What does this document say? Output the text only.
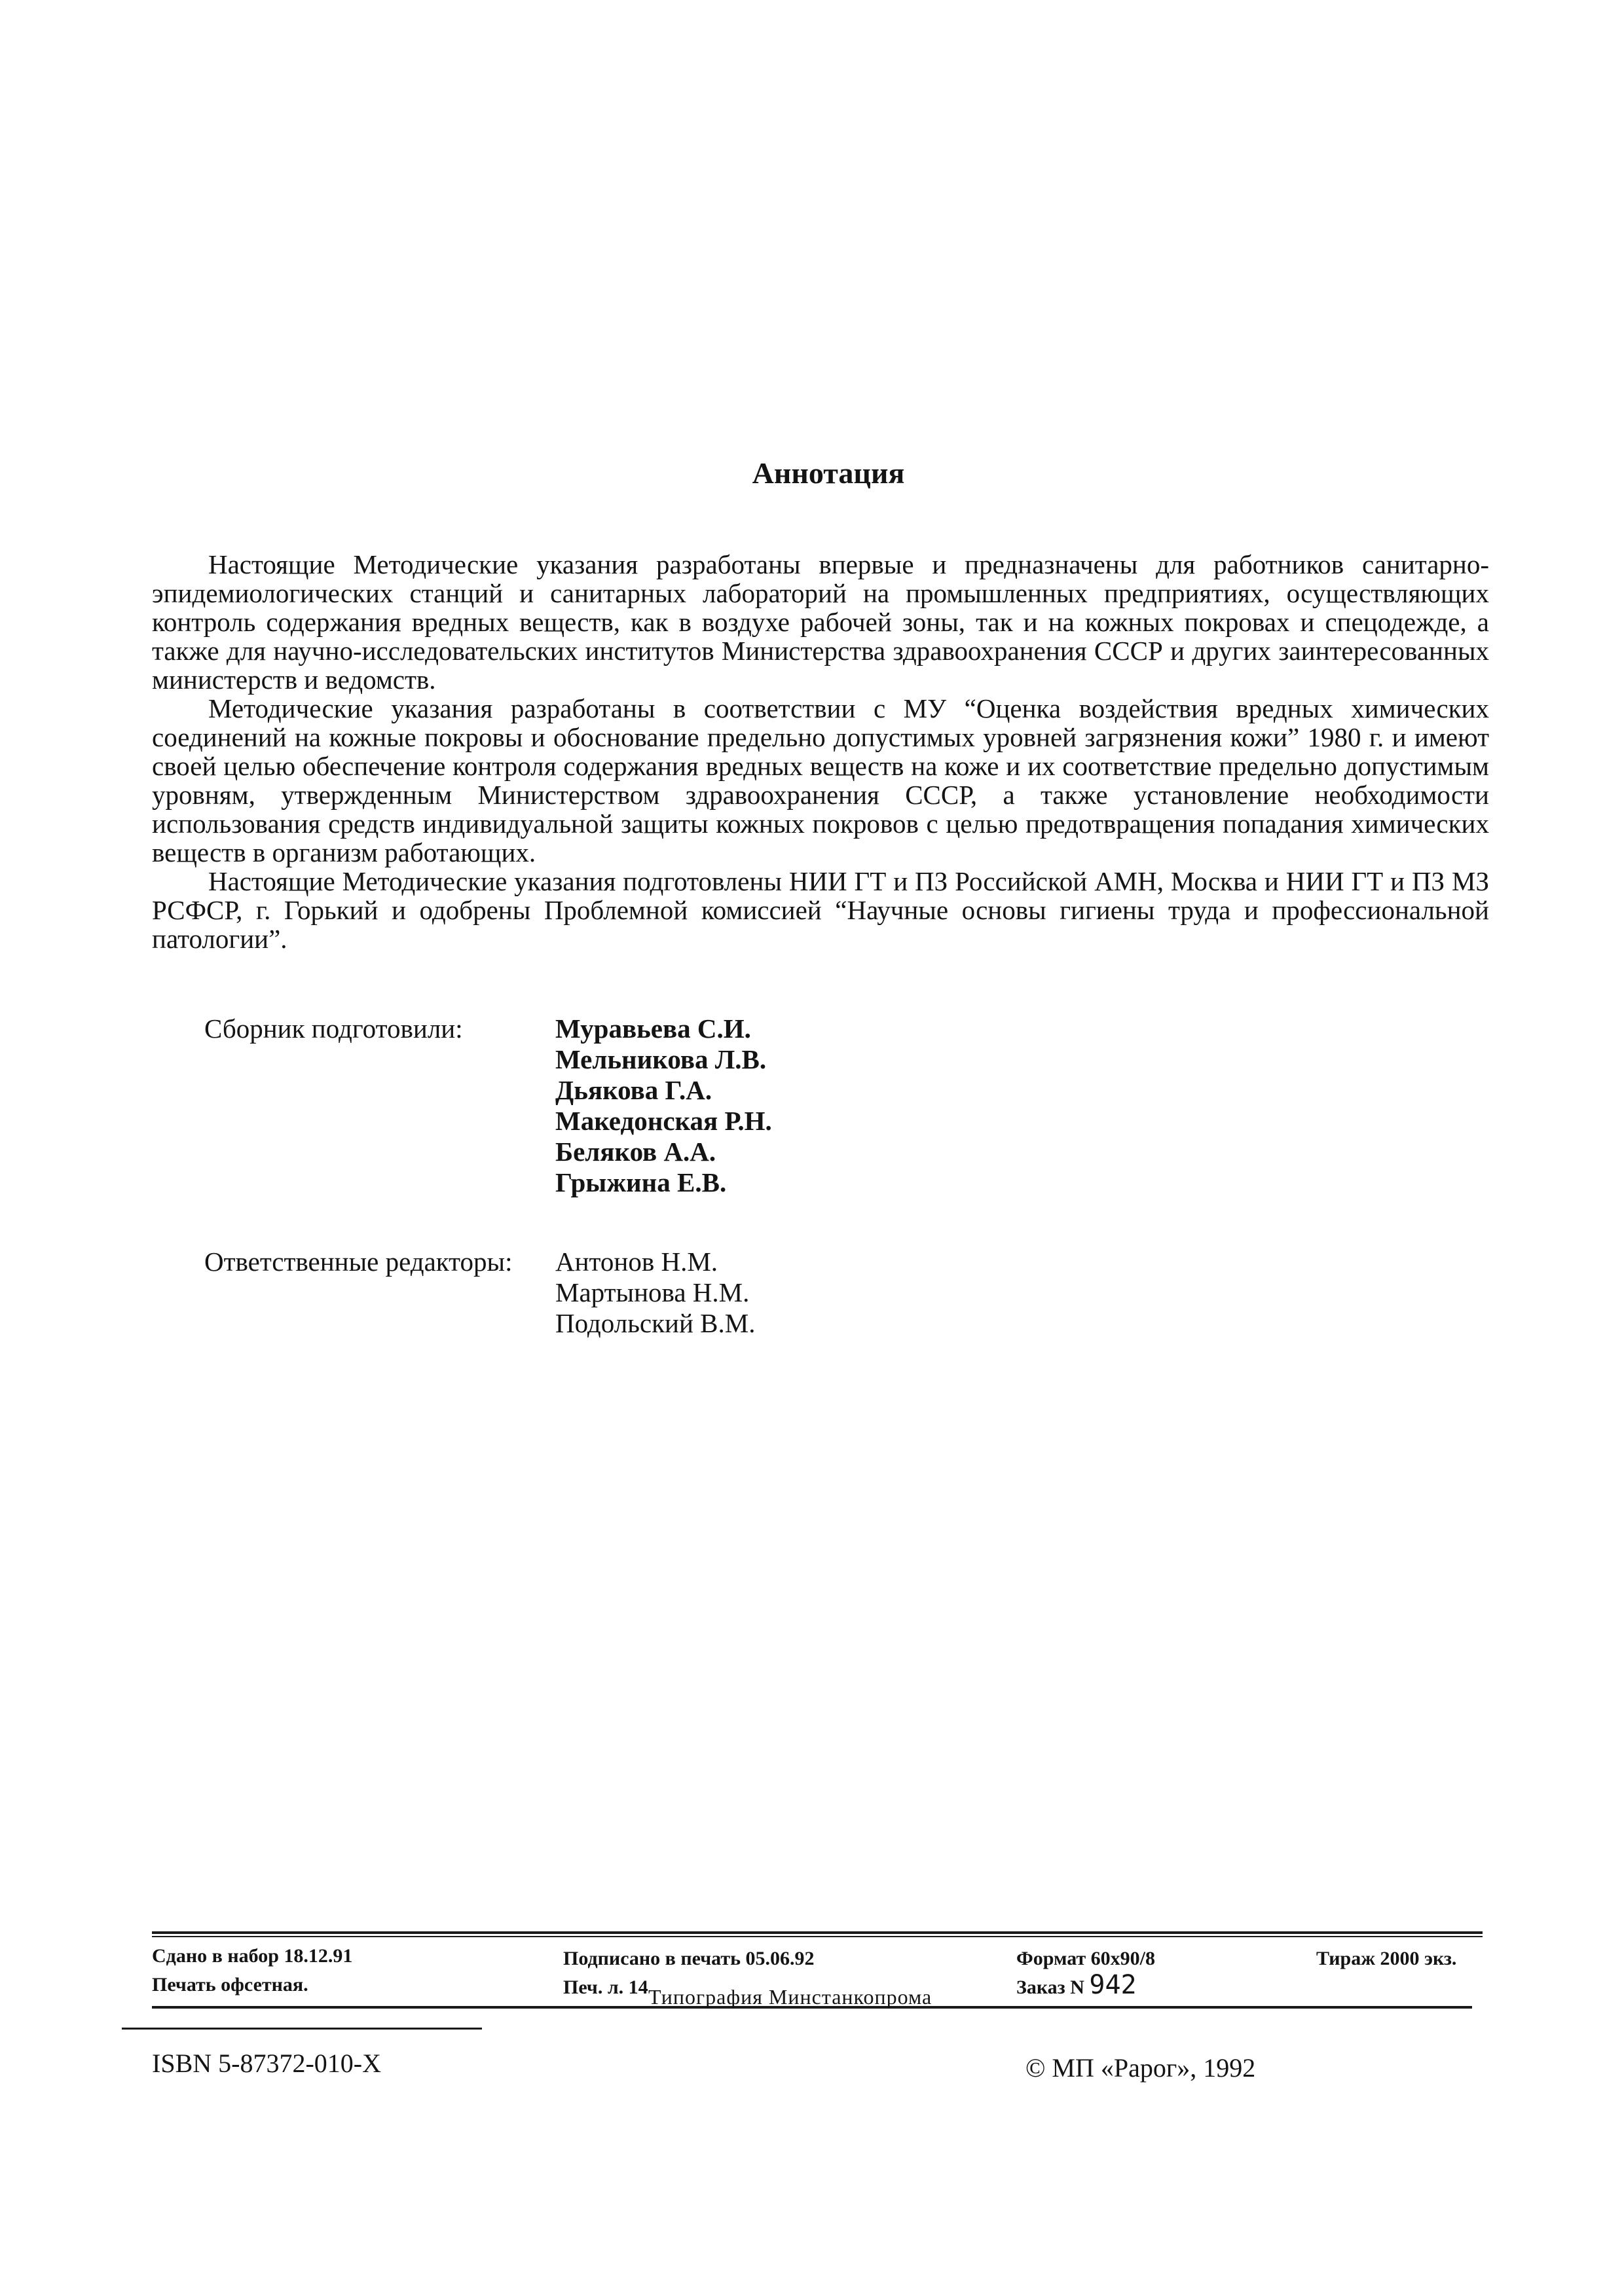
Аннотация

Настоящие Методические указания разработаны впервые и предназначены для работников санитарно-эпидемиологических станций и санитарных лабораторий на промышленных предприятиях, осуществляющих контроль содержания вредных веществ, как в воздухе рабочей зоны, так и на кожных покровах и спецодежде, а также для научно-исследовательских институтов Министерства здравоохранения СССР и других заинтересованных министерств и ведомств.

Методические указания разработаны в соответствии с МУ “Оценка воздействия вредных химических соединений на кожные покровы и обоснование предельно допустимых уровней загрязнения кожи” 1980 г. и имеют своей целью обеспечение контроля содержания вредных веществ на коже и их соответствие предельно допустимым уровням, утвержденным Министерством здравоохранения СССР, а также установление необходимости использования средств индивидуальной защиты кожных покровов с целью предотвращения попадания химических веществ в организм работающих.

Настоящие Методические указания подготовлены НИИ ГТ и ПЗ Российской АМН, Москва и НИИ ГТ и ПЗ МЗ РСФСР, г. Горький и одобрены Проблемной комиссией “Научные основы гигиены труда и профессиональной патологии”.

Сборник подготовили:	Муравьева С.И.
Мельникова Л.В.
Дьякова Г.А.
Македонская Р.Н.
Беляков А.А.
Грыжина Е.В.
Ответственные редакторы: Антонов Н.М.
Мартынова Н.М.
Подольский В.М.
Сдано в набор 18.12.91
Печать офсетная.
Подписано в печать 05.06.92
Печ. л. 14
Формат 60х90/8
Заказ N 942
Тираж 2000 экз.
Типография Минстанкопрома
ISBN 5-87372-010-X	© МП «Рарог», 1992
